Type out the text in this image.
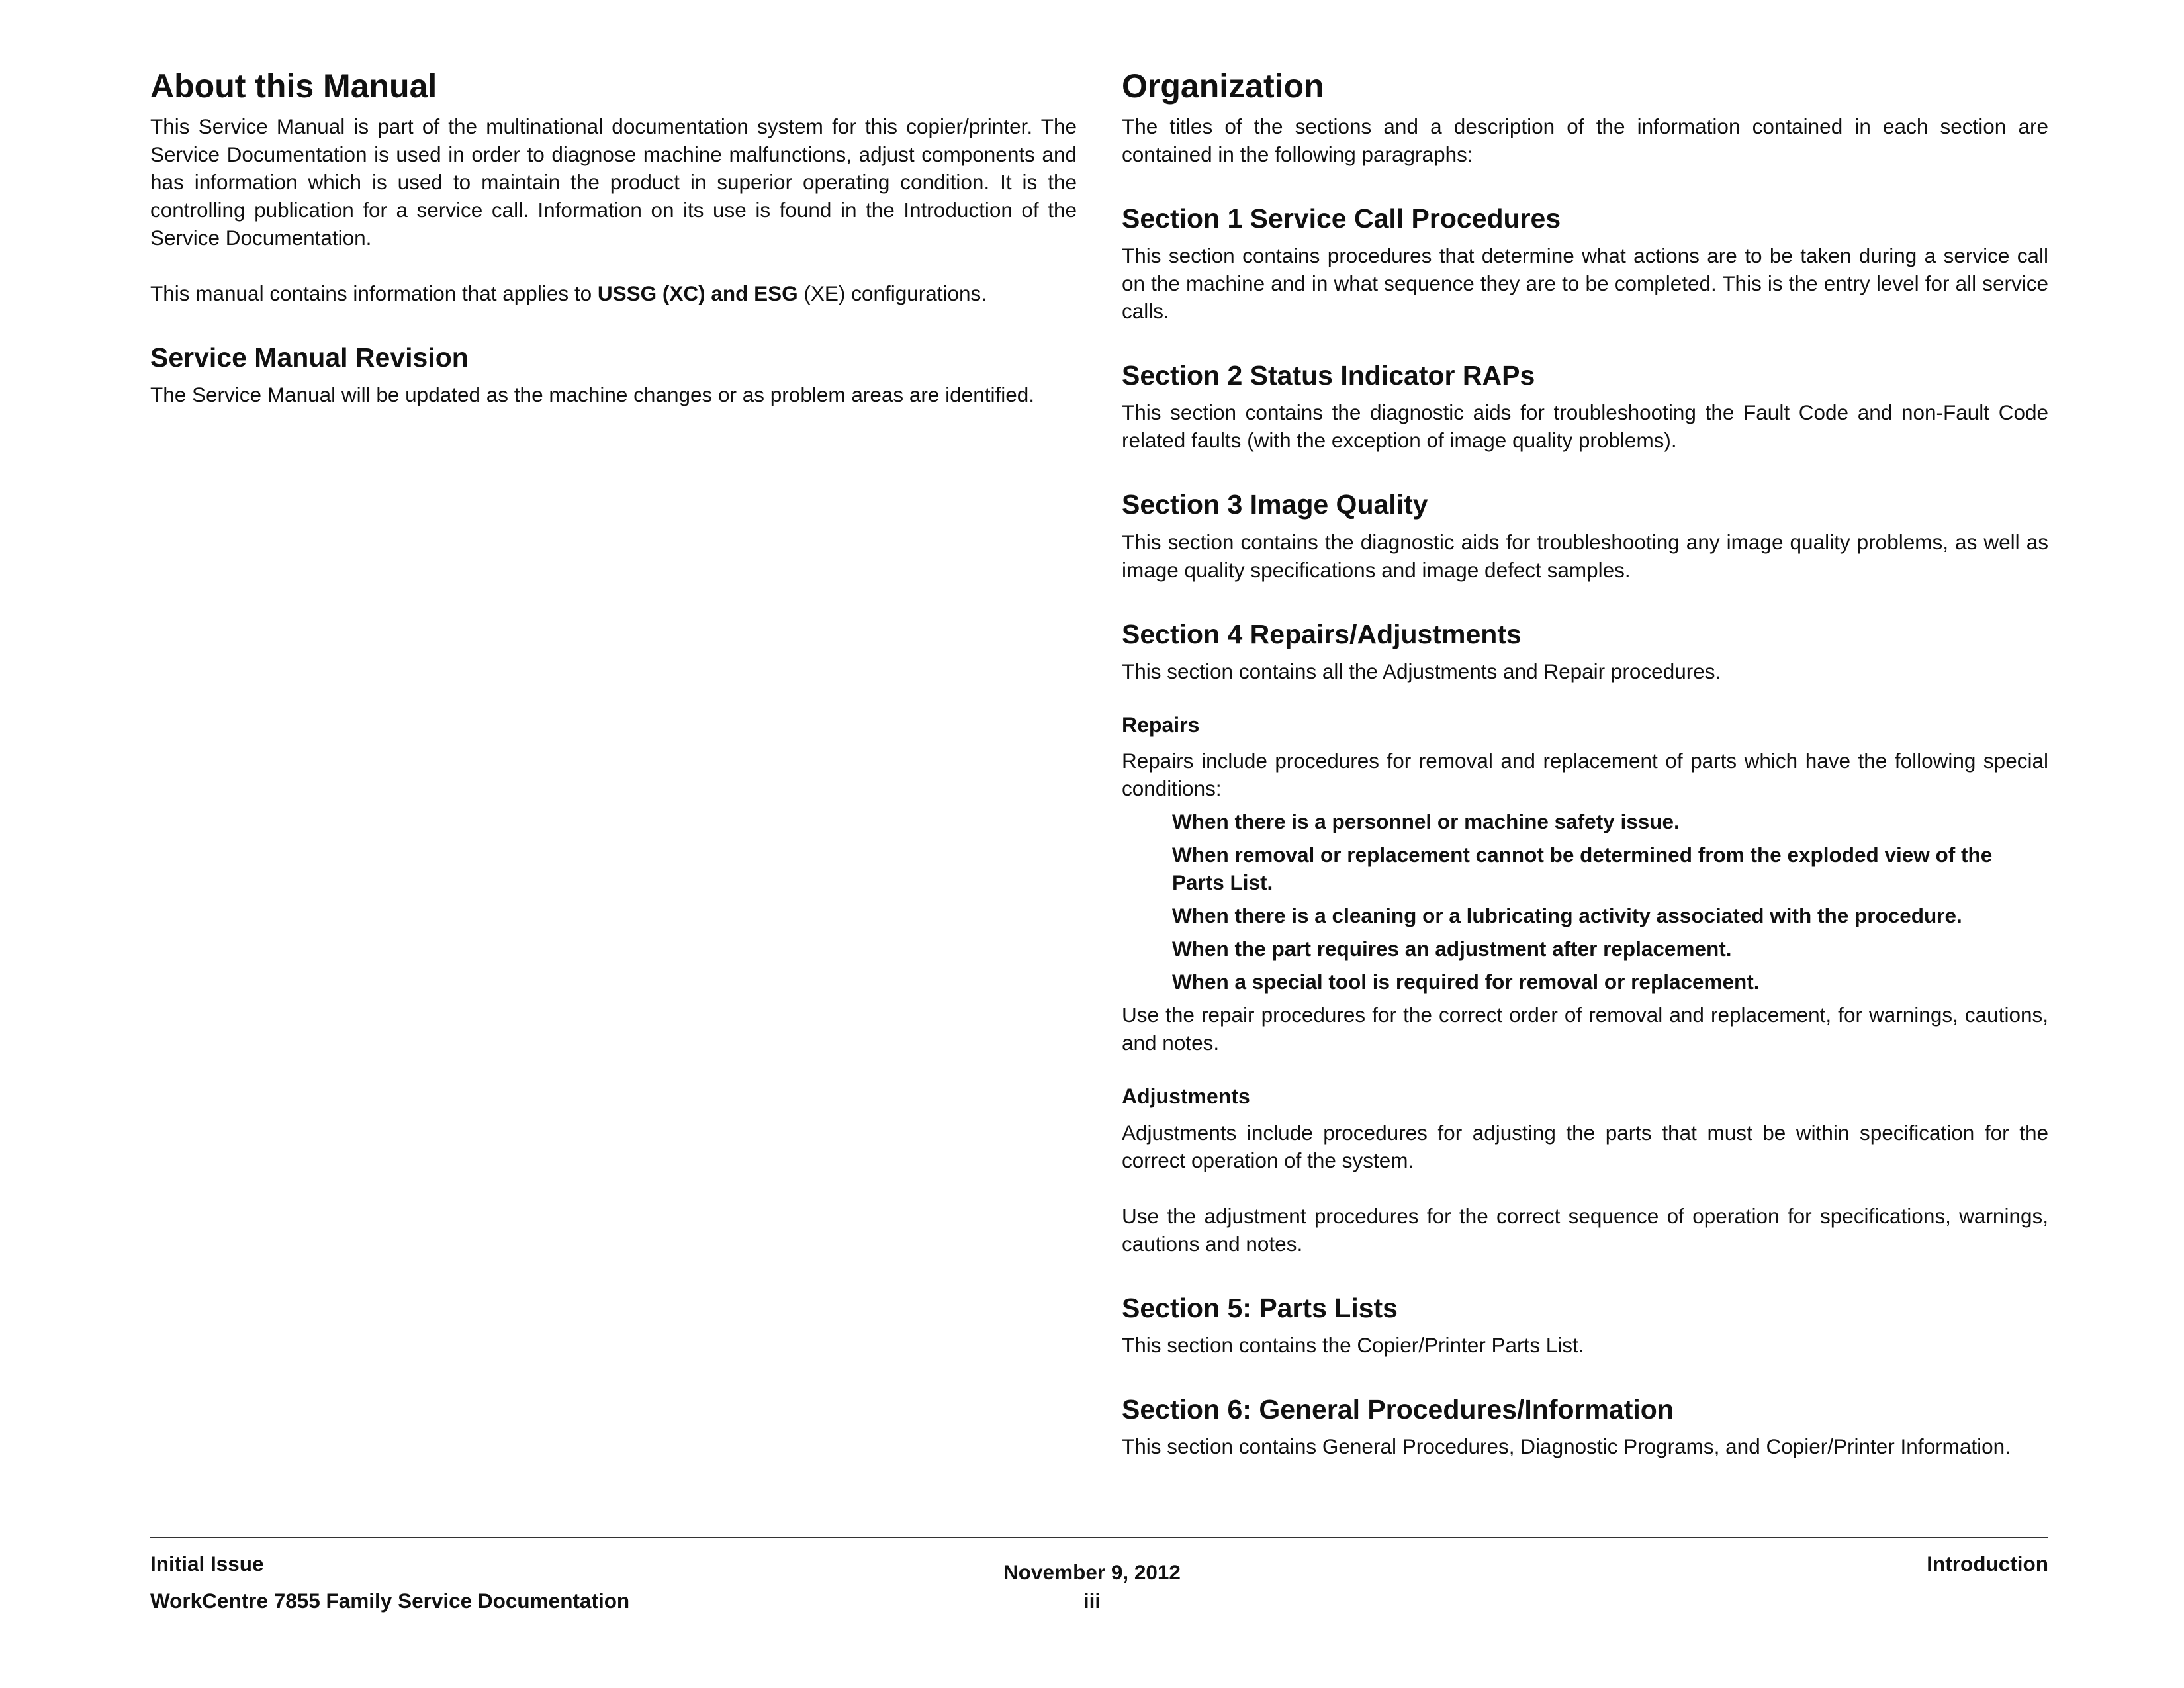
About this Manual

This Service Manual is part of the multinational documentation system for this copier/printer. The Service Documentation is used in order to diagnose machine malfunctions, adjust components and has information which is used to maintain the product in superior operating condition. It is the controlling publication for a service call. Information on its use is found in the Introduction of the Service Documentation.

This manual contains information that applies to USSG (XC) and ESG (XE) configurations.

Service Manual Revision

The Service Manual will be updated as the machine changes or as problem areas are identified.

Organization

The titles of the sections and a description of the information contained in each section are contained in the following paragraphs:

Section 1 Service Call Procedures

This section contains procedures that determine what actions are to be taken during a service call on the machine and in what sequence they are to be completed. This is the entry level for all service calls.

Section 2 Status Indicator RAPs

This section contains the diagnostic aids for troubleshooting the Fault Code and non-Fault Code related faults (with the exception of image quality problems).

Section 3 Image Quality

This section contains the diagnostic aids for troubleshooting any image quality problems, as well as image quality specifications and image defect samples.

Section 4 Repairs/Adjustments

This section contains all the Adjustments and Repair procedures.

Repairs

Repairs include procedures for removal and replacement of parts which have the following special conditions:

When there is a personnel or machine safety issue.
When removal or replacement cannot be determined from the exploded view of the Parts List.
When there is a cleaning or a lubricating activity associated with the procedure.
When the part requires an adjustment after replacement.
When a special tool is required for removal or replacement.

Use the repair procedures for the correct order of removal and replacement, for warnings, cautions, and notes.

Adjustments

Adjustments include procedures for adjusting the parts that must be within specification for the correct operation of the system.

Use the adjustment procedures for the correct sequence of operation for specifications, warnings, cautions and notes.

Section 5: Parts Lists

This section contains the Copier/Printer Parts List.

Section 6: General Procedures/Information

This section contains General Procedures, Diagnostic Programs, and Copier/Printer Information.

Initial Issue
WorkCentre 7855 Family Service Documentation
November 9, 2012
iii
Introduction
